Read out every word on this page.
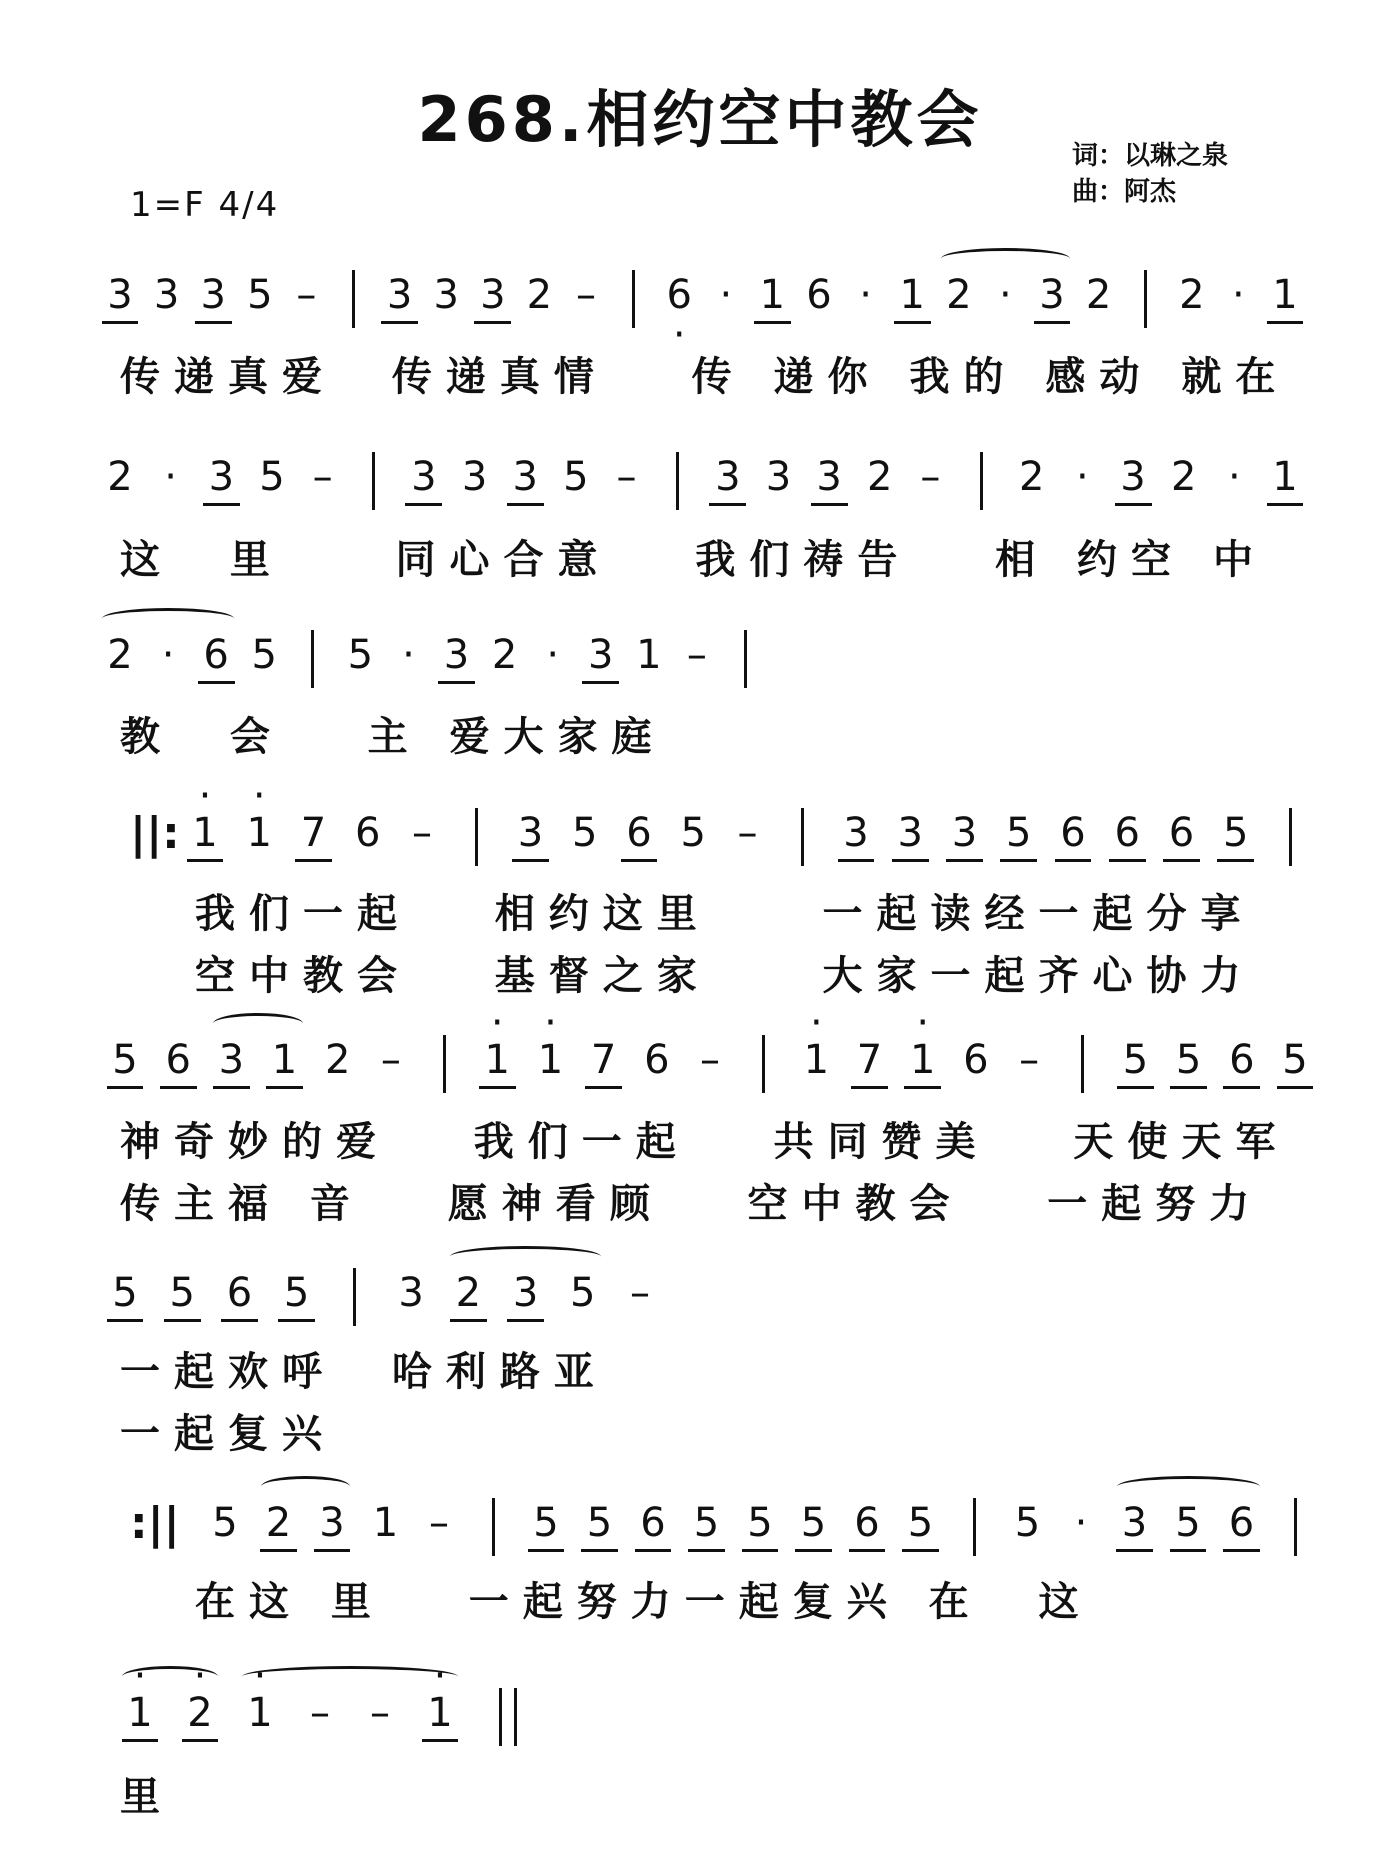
268.相约空中教会	词：以琳之泉
曲：阿杰
1=F 4/4
3 3 3 5 –	3 3 3 2 –	· 6 · 1 6 · 1 2 · 3 2 2 · 1
传递真爱  传递真情   传 递你 我的 感动 就在
2 · 3 5 –	3 3 3 5 –	3 3 3 2 –	2 · 3 2 · 1
这  里    同心合意   我们祷告   相 约空 中
2 · 6 5 5 · 3 2 · 3 1 –
教  会   主 爱大家庭
||: · 1 · 1 7 6 –	3 5 6 5 –	3 3 3 5 6 6 6 5
我们一起   相约这里    一起读经一起分享
空中教会   基督之家    大家一起齐心协力
5 6 3 1 2 –	· 1 · 1 7 6 –	· 1 7 · 1 6 –	5 5 6 5
神奇妙的爱   我们一起   共同赞美   天使天军
传主福 音   愿神看顾   空中教会   一起努力
5 5 6 5 3 2 3 5 –
一起欢呼  哈利路亚
一起复兴
:|| 5 2 3 1 –	5 5 6 5 5 5 6 5 5 · 3 5 6
在这 里   一起努力一起复兴 在  这
· 1 · 2 · 1 –	– · 1
里
